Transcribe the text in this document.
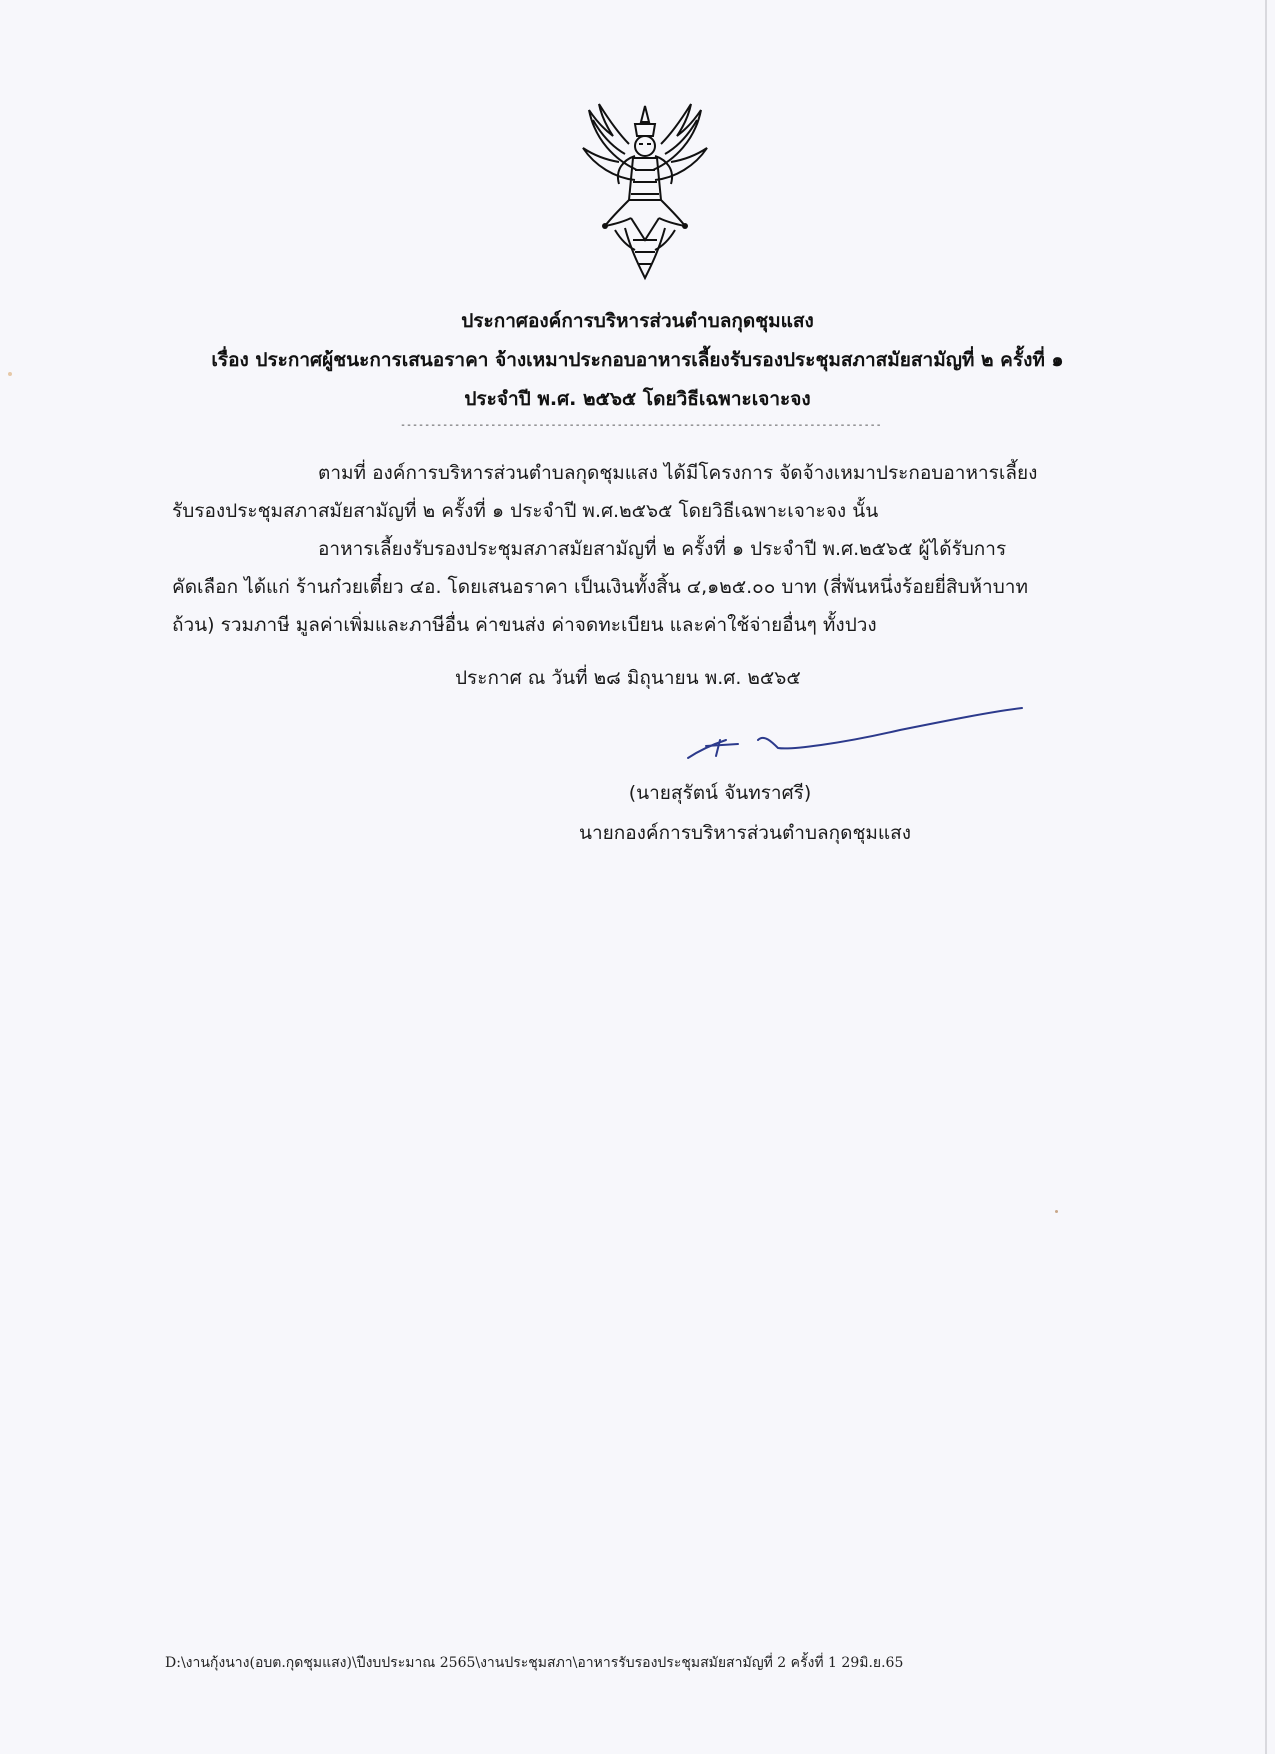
ประกาศองค์การบริหารส่วนตำบลกุดชุมแสง
เรื่อง ประกาศผู้ชนะการเสนอราคา จ้างเหมาประกอบอาหารเลี้ยงรับรองประชุมสภาสมัยสามัญที่ ๒ ครั้งที่ ๑
ประจำปี พ.ศ. ๒๕๖๕ โดยวิธีเฉพาะเจาะจง
--------------------------------------------------------------------------------
ตามที่ องค์การบริหารส่วนตำบลกุดชุมแสง ได้มีโครงการ จัดจ้างเหมาประกอบอาหารเลี้ยง
รับรองประชุมสภาสมัยสามัญที่ ๒ ครั้งที่ ๑ ประจำปี พ.ศ.๒๕๖๕ โดยวิธีเฉพาะเจาะจง นั้น
อาหารเลี้ยงรับรองประชุมสภาสมัยสามัญที่ ๒ ครั้งที่ ๑ ประจำปี พ.ศ.๒๕๖๕ ผู้ได้รับการ
คัดเลือก ได้แก่ ร้านก๋วยเตี๋ยว ๔อ. โดยเสนอราคา เป็นเงินทั้งสิ้น ๔,๑๒๕.๐๐ บาท (สี่พันหนึ่งร้อยยี่สิบห้าบาท
ถ้วน) รวมภาษี มูลค่าเพิ่มและภาษีอื่น ค่าขนส่ง ค่าจดทะเบียน และค่าใช้จ่ายอื่นๆ ทั้งปวง
ประกาศ ณ วันที่ ๒๘ มิถุนายน พ.ศ. ๒๕๖๕
(นายสุรัตน์ จันทราศรี)
นายกองค์การบริหารส่วนตำบลกุดชุมแสง
D:\งานกุ้งนาง(อบต.กุดชุมแสง)\ปีงบประมาณ 2565\งานประชุมสภา\อาหารรับรองประชุมสมัยสามัญที่ 2 ครั้งที่ 1 29มิ.ย.65
